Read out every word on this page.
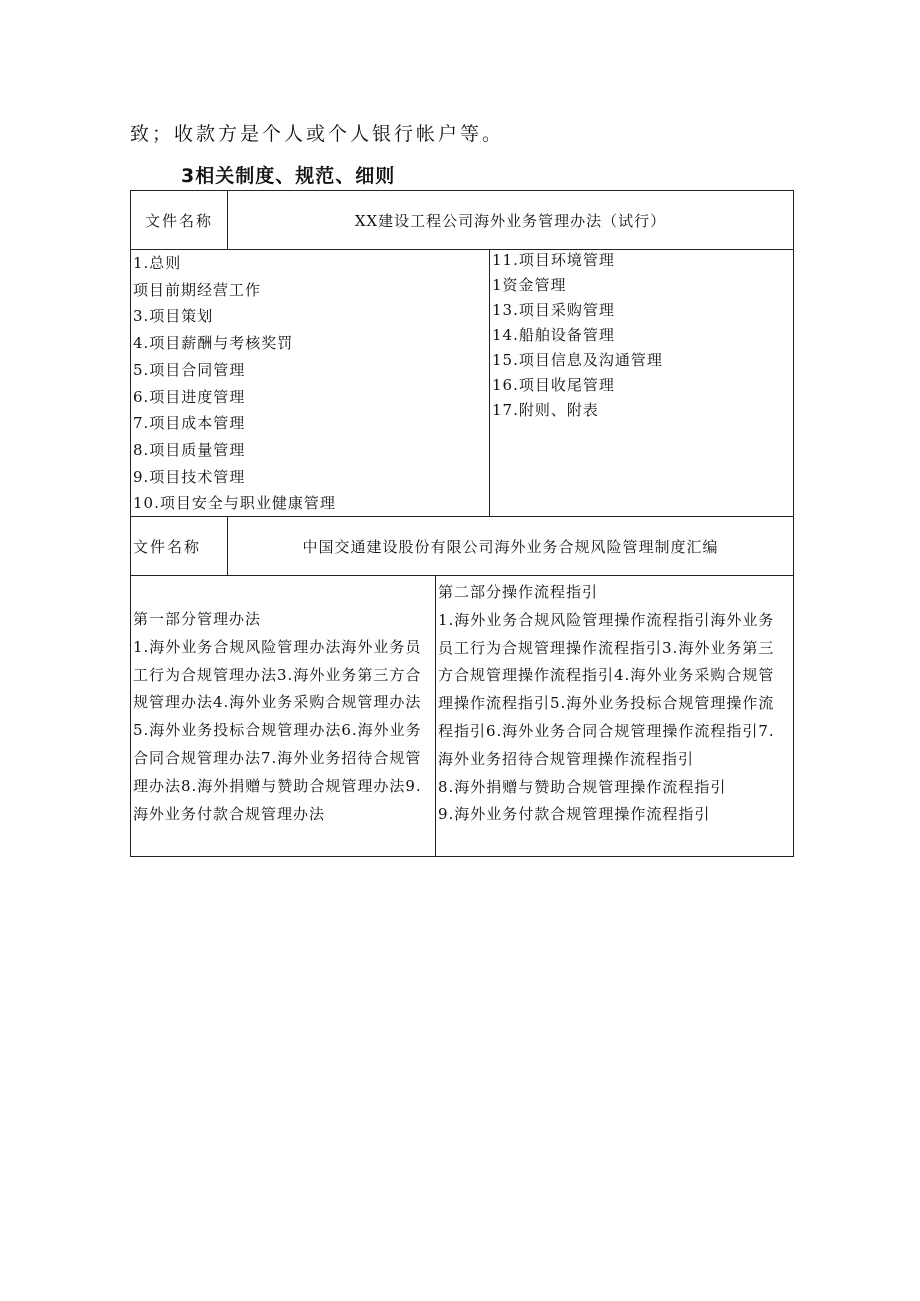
致；收款方是个人或个人银行帐户等。
3相关制度、规范、细则
文件名称	XX建设工程公司海外业务管理办法（试行）
1.总则
项目前期经营工作
3.项目策划
4.项目薪酬与考核奖罚
5.项目合同管理
6.项目进度管理
7.项目成本管理
8.项目质量管理
9.项目技术管理
10.项目安全与职业健康管理
11.项目环境管理
1资金管理
13.项目采购管理
14.船舶设备管理
15.项目信息及沟通管理
16.项目收尾管理
17.附则、附表
文件名称	中国交通建设股份有限公司海外业务合规风险管理制度汇编
第一部分管理办法
1.海外业务合规风险管理办法海外业务员工行为合规管理办法3.海外业务第三方合规管理办法4.海外业务采购合规管理办法5.海外业务投标合规管理办法6.海外业务合同合规管理办法7.海外业务招待合规管理办法8.海外捐赠与赞助合规管理办法9.海外业务付款合规管理办法
第二部分操作流程指引
1.海外业务合规风险管理操作流程指引海外业务员工行为合规管理操作流程指引3.海外业务第三方合规管理操作流程指引4.海外业务采购合规管理操作流程指引5.海外业务投标合规管理操作流程指引6.海外业务合同合规管理操作流程指引7.海外业务招待合规管理操作流程指引
8.海外捐赠与赞助合规管理操作流程指引
9.海外业务付款合规管理操作流程指引
